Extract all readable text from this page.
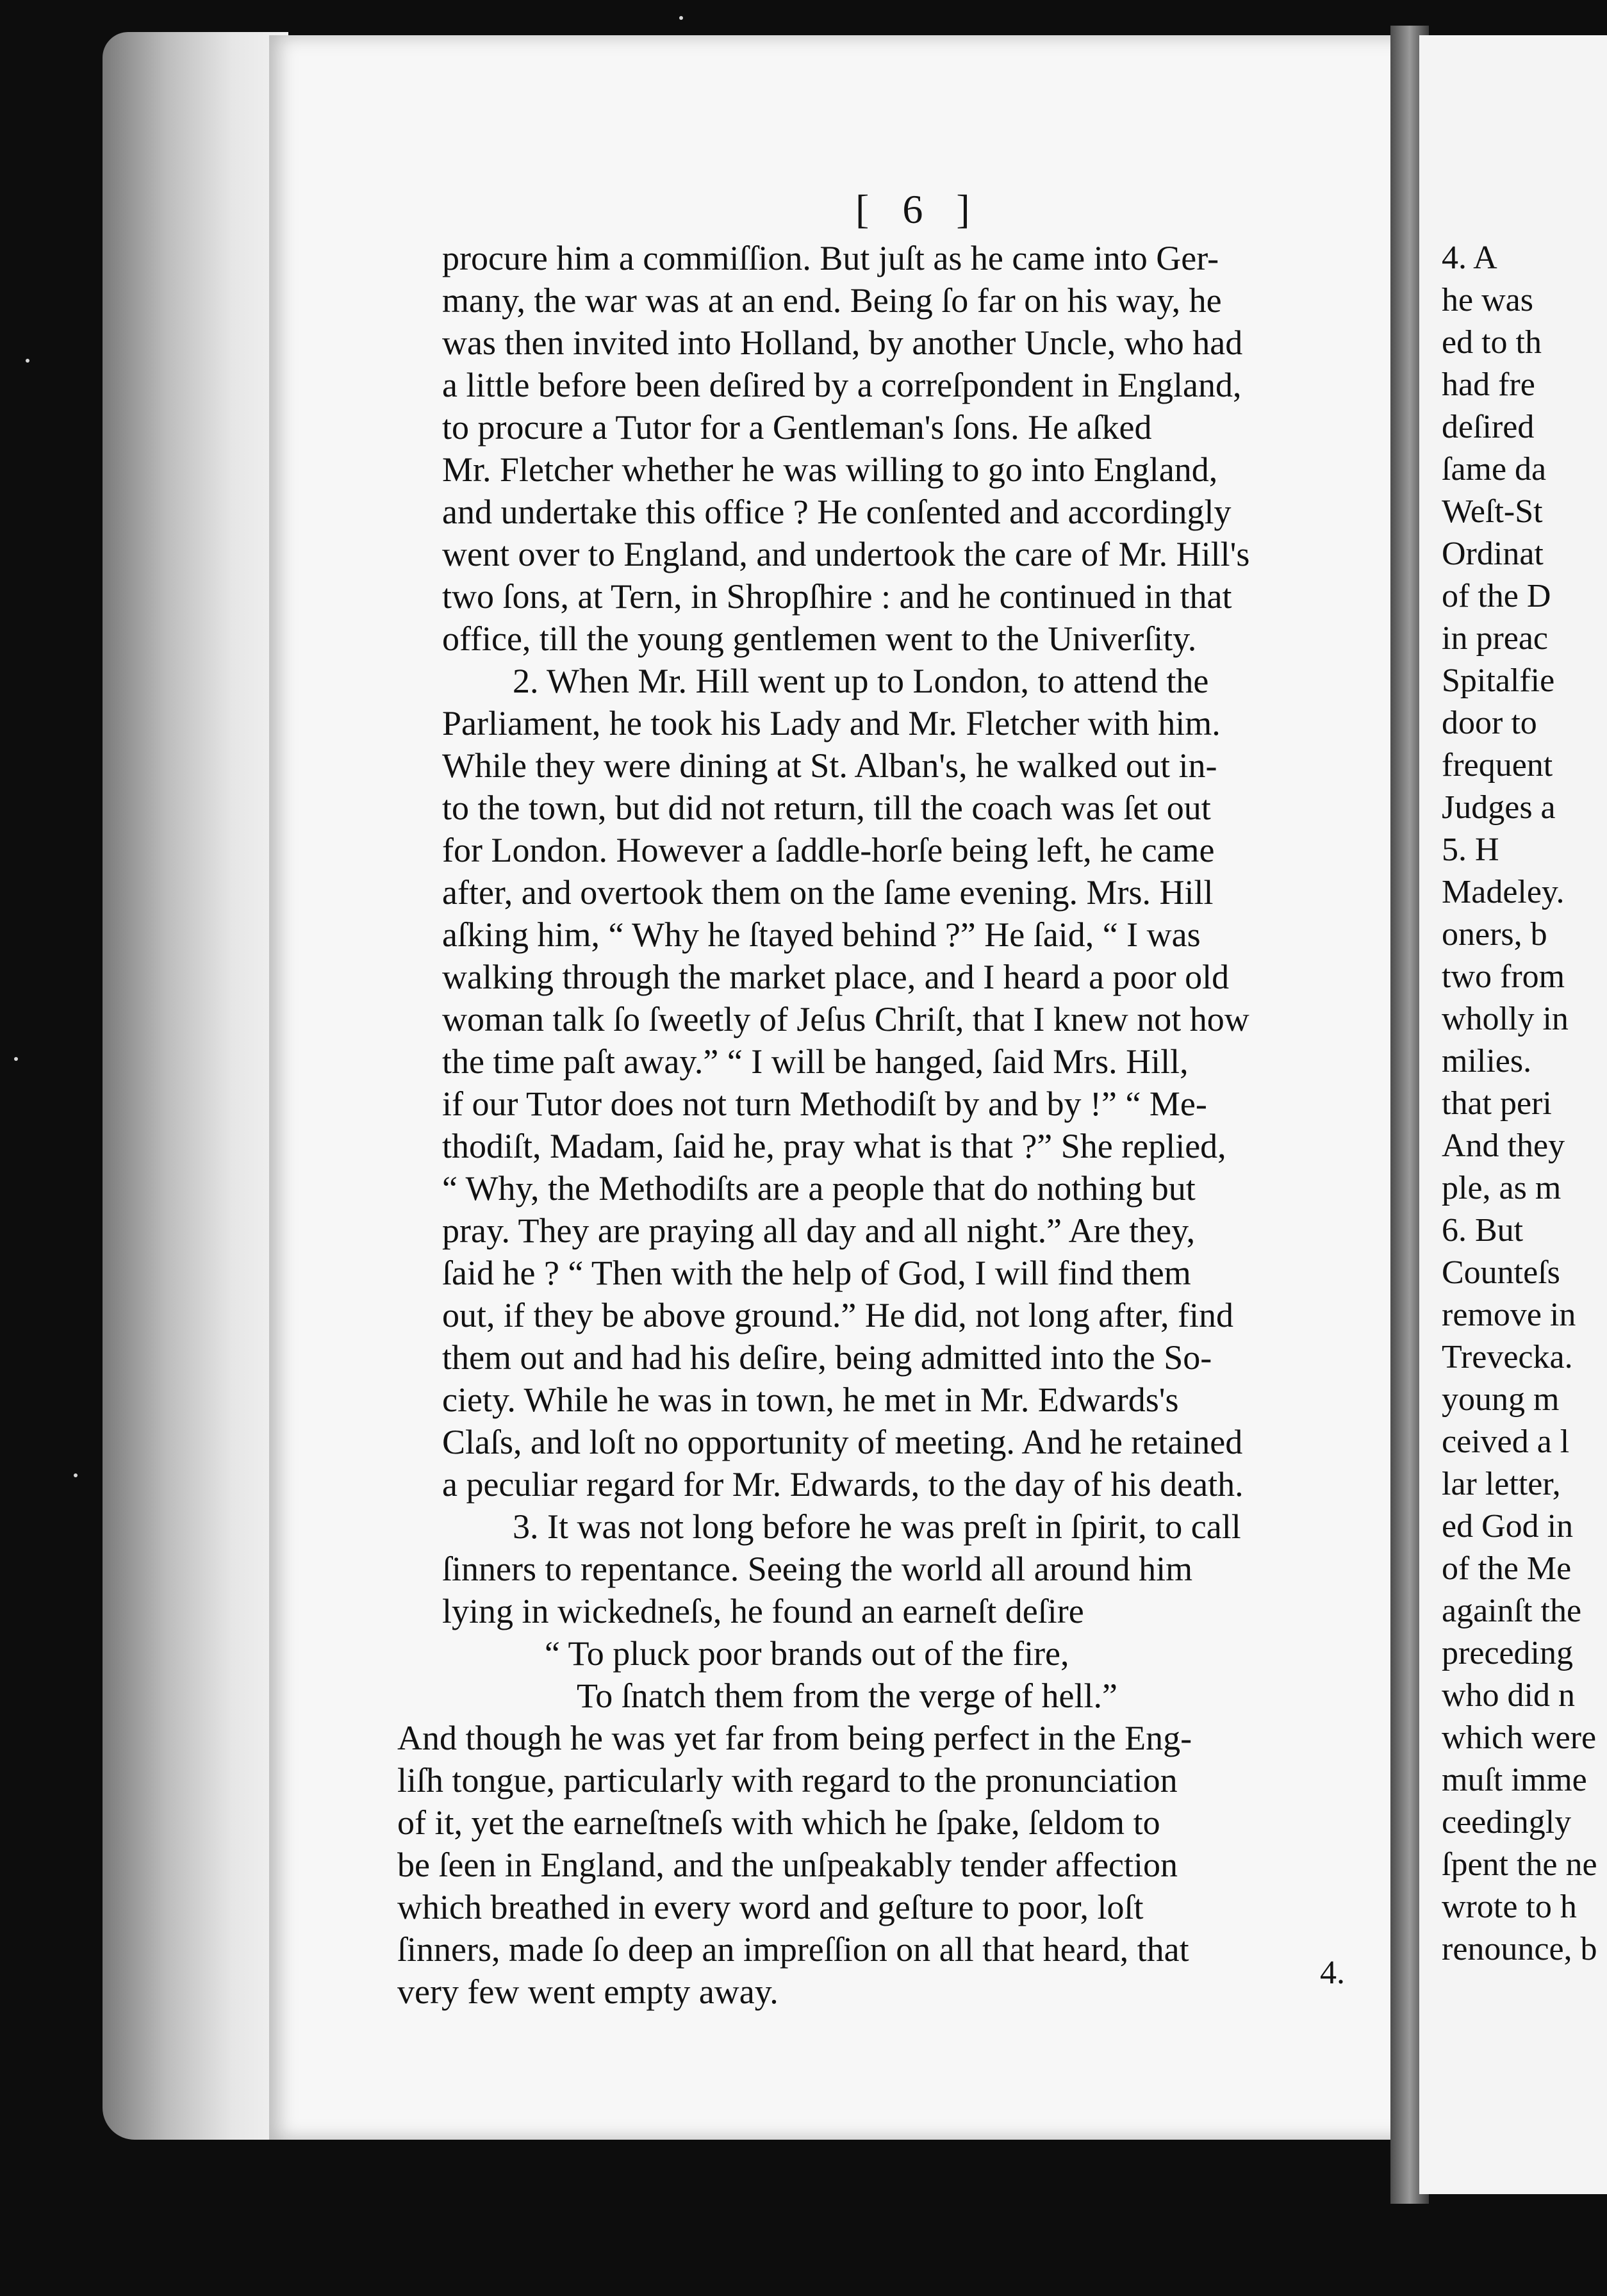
[ 6 ]
procure him a commiſſion. But juſt as he came into Ger-
many, the war was at an end. Being ſo far on his way, he
was then invited into Holland, by another Uncle, who had
a little before been deſired by a correſpondent in England,
to procure a Tutor for a Gentleman's ſons. He aſked
Mr. Fletcher whether he was willing to go into England,
and undertake this office ? He conſented and accordingly
went over to England, and undertook the care of Mr. Hill's
two ſons, at Tern, in Shropſhire : and he continued in that
office, till the young gentlemen went to the Univerſity.
2. When Mr. Hill went up to London, to attend the
Parliament, he took his Lady and Mr. Fletcher with him.
While they were dining at St. Alban's, he walked out in-
to the town, but did not return, till the coach was ſet out
for London. However a ſaddle-horſe being left, he came
after, and overtook them on the ſame evening. Mrs. Hill
aſking him, “ Why he ſtayed behind ?” He ſaid, “ I was
walking through the market place, and I heard a poor old
woman talk ſo ſweetly of Jeſus Chriſt, that I knew not how
the time paſt away.” “ I will be hanged, ſaid Mrs. Hill,
if our Tutor does not turn Methodiſt by and by !” “ Me-
thodiſt, Madam, ſaid he, pray what is that ?” She replied,
“ Why, the Methodiſts are a people that do nothing but
pray. They are praying all day and all night.” Are they,
ſaid he ? “ Then with the help of God, I will find them
out, if they be above ground.” He did, not long after, find
them out and had his deſire, being admitted into the So-
ciety. While he was in town, he met in Mr. Edwards's
Claſs, and loſt no opportunity of meeting. And he retained
a peculiar regard for Mr. Edwards, to the day of his death.
3. It was not long before he was preſt in ſpirit, to call
ſinners to repentance. Seeing the world all around him
lying in wickedneſs, he found an earneſt deſire
“ To pluck poor brands out of the fire,
To ſnatch them from the verge of hell.”
And though he was yet far from being perfect in the Eng-
liſh tongue, particularly with regard to the pronunciation
of it, yet the earneſtneſs with which he ſpake, ſeldom to
be ſeen in England, and the unſpeakably tender affection
which breathed in every word and geſture to poor, loſt
ſinners, made ſo deep an impreſſion on all that heard, that
very few went empty away.	4.
4. A
he was
ed to th
had fre
deſired
ſame da
Weſt-St
Ordinat
of the D
in preac
Spitalfie
door to
frequent
Judges a
5. H
Madeley.
oners, b
two from
wholly in
milies.
that peri
And they
ple, as m
6. But
Counteſs
remove in
Trevecka.
young m
ceived a l
lar letter,
ed God in
of the Me
againſt the
preceding
who did n
which were
muſt imme
ceedingly
ſpent the ne
wrote to h
renounce, b
